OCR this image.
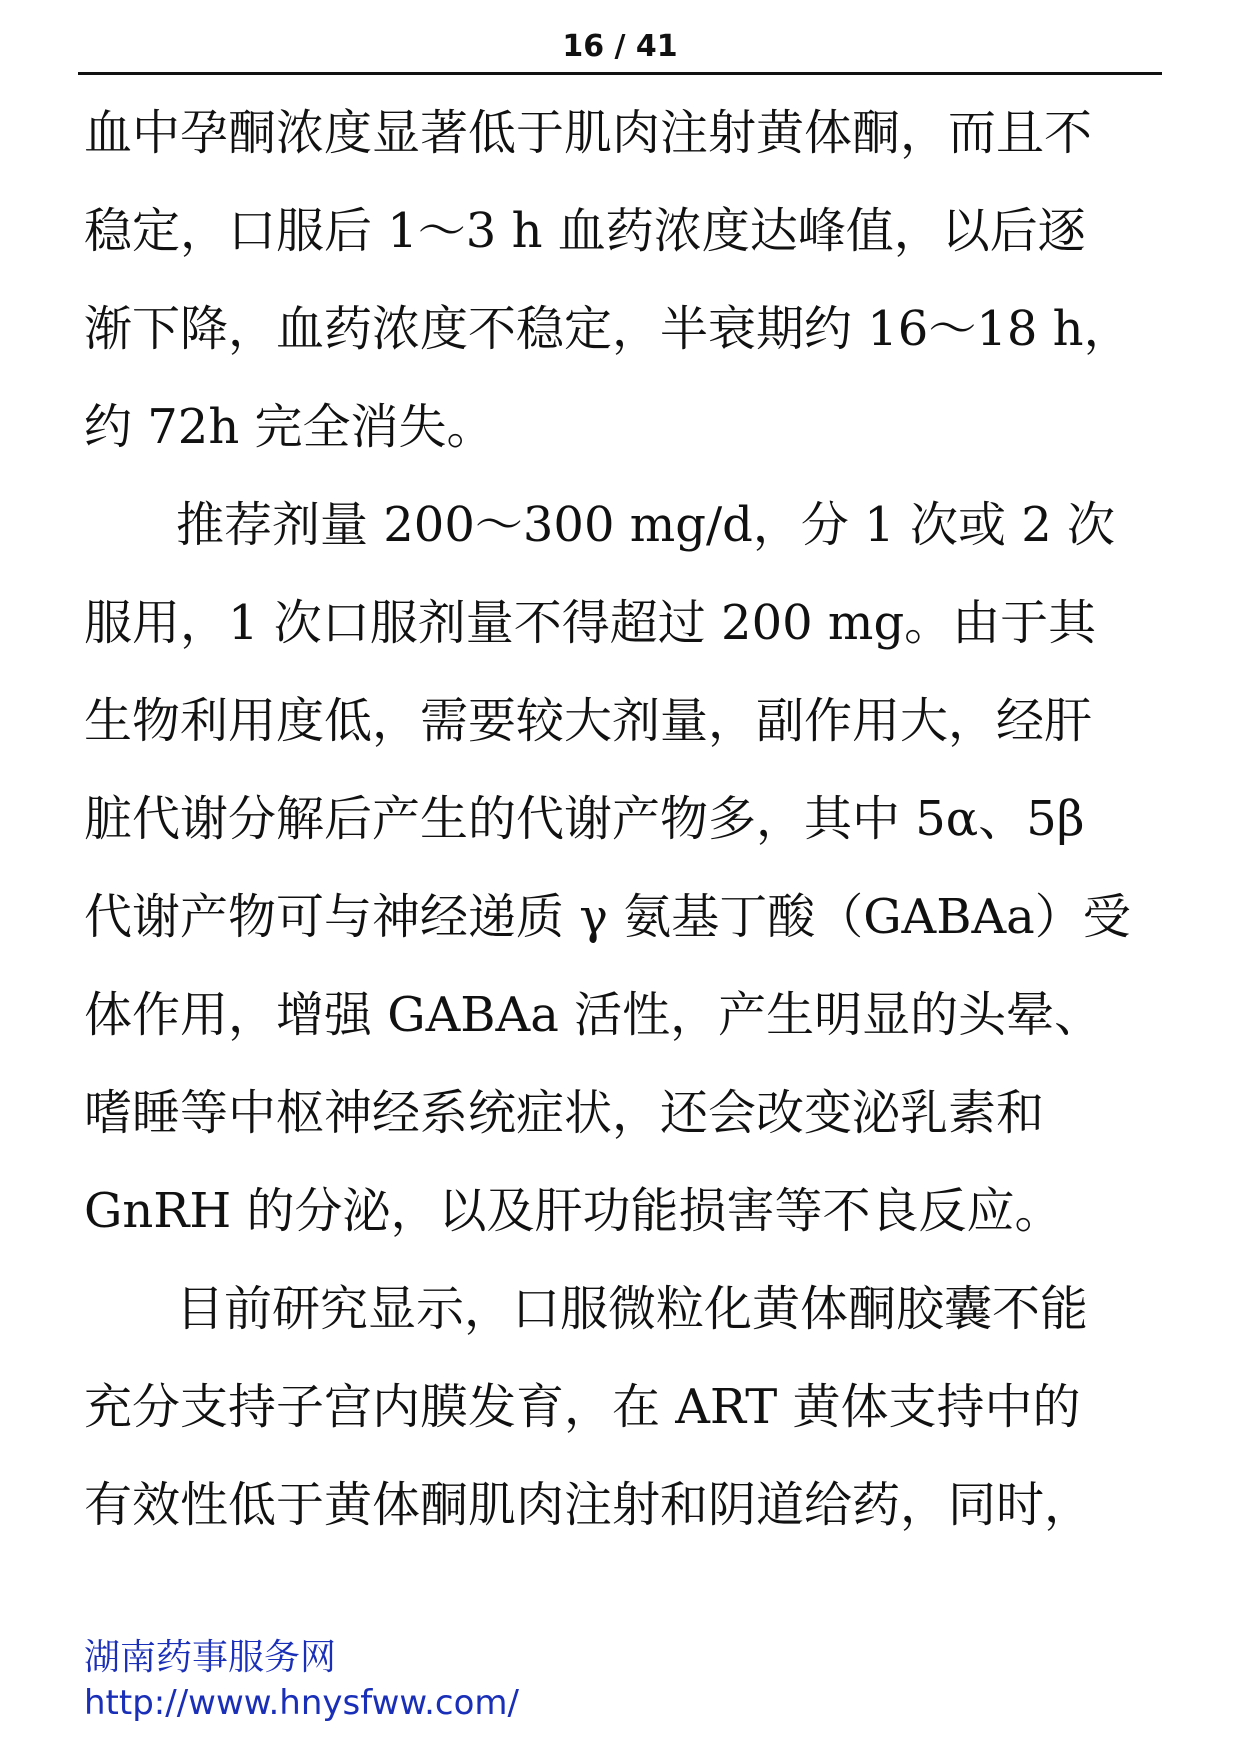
16 / 41

血中孕酮浓度显著低于肌肉注射黄体酮，而且不
稳定，口服后 1～3 h 血药浓度达峰值，以后逐
渐下降，血药浓度不稳定，半衰期约 16～18 h，
约 72h 完全消失。

推荐剂量 200～300 mg/d，分 1 次或 2 次
服用，1 次口服剂量不得超过 200 mg。由于其
生物利用度低，需要较大剂量，副作用大，经肝
脏代谢分解后产生的代谢产物多，其中 5α、5β
代谢产物可与神经递质 γ 氨基丁酸（GABAa）受
体作用，增强 GABAa 活性，产生明显的头晕、
嗜睡等中枢神经系统症状，还会改变泌乳素和
GnRH 的分泌，以及肝功能损害等不良反应。

目前研究显示，口服微粒化黄体酮胶囊不能
充分支持子宫内膜发育，在 ART 黄体支持中的
有效性低于黄体酮肌肉注射和阴道给药，同时，

湖南药事服务网
http://www.hnysfww.com/
